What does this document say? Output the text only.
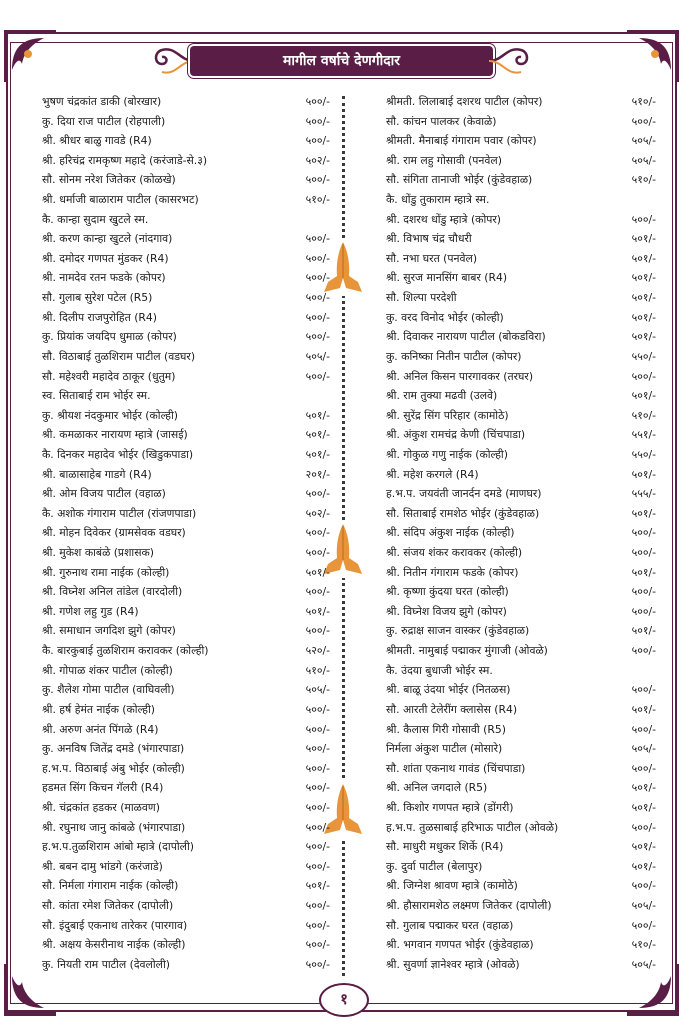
मागील वर्षाचे देणगीदार
भुषण चंद्रकांत डाकी (बोरखार)	५००/-
कु. दिया राज पाटील (रोहपाली)	५००/-
श्री. श्रीधर बाळु गावडे (R4)	५००/-
श्री. हरिचंद्र रामकृष्ण महादे (करंजाडे-से.३)	५०२/-
सौ. सोनम नरेश जितेकर (कोळखे)	५००/-
श्री. धर्माजी बाळाराम पाटील (कासरभट)	५१०/-
कै. कान्हा सुदाम खुटले स्म.
श्री. करण कान्हा खुटले (नांदगाव)	५००/-
श्री. दमोदर गणपत मुंडकर (R4)	५००/-
श्री. नामदेव रतन फडके (कोपर)	५००/-
सौ. गुलाब सुरेश पटेल (R5)	५००/-
श्री. दिलीप राजपुरोहित (R4)	५००/-
कु. प्रियांक जयदिप धुमाळ (कोपर)	५००/-
सौ. विठाबाई तुळशिराम पाटील (वडघर)	५०५/-
सौ. महेश्वरी महादेव ठाकूर (धुतुम)	५००/-
स्व. सिताबाई राम भोईर स्म.
कु. श्रीयश नंदकुमार भोईर (कोल्ही)	५०१/-
श्री. कमळाकर नारायण म्हात्रे (जासई)	५०१/-
कै. दिनकर महादेव भोईर (खिडुकपाडा)	५०१/-
श्री. बाळासाहेब गाडगे (R4)	२०१/-
श्री. ओम विजय पाटील (वहाळ)	५००/-
कै. अशोक गंगाराम पाटील (रांजणपाडा)	५०२/-
श्री. मोहन दिवेकर (ग्रामसेवक वडघर)	५००/-
श्री. मुकेश काबंळे (प्रशासक)	५००/-
श्री. गुरुनाथ रामा नाईक (कोल्ही)	५०१/-
श्री. विघ्नेश अनिल तांडेल (वारदोली)	५००/-
श्री. गणेश लहु गुड (R4)	५०१/-
श्री. समाधान जगदिश झुगे (कोपर)	५००/-
कै. बारकुबाई तुळशिराम करावकर (कोल्ही)	५२०/-
श्री. गोपाळ शंकर पाटील (कोल्ही)	५१०/-
कु. शैलेश गोमा पाटील (वाघिवली)	५०५/-
श्री. हर्ष हेमंत नाईक (कोल्ही)	५००/-
श्री. अरुण अनंत पिंगळे (R4)	५००/-
कु. अनविष जितेंद्र दमडे (भंगारपाडा)	५००/-
ह.भ.प. विठाबाई अंबु भोईर (कोल्ही)	५००/-
हडमत सिंग किचन गॅलरी (R4)	५००/-
श्री. चंद्रकांत हडकर (माळवण)	५००/-
श्री. रघुनाथ जानु कांबळे (भंगारपाडा)	५००/-
ह.भ.प.तुळशिराम आंबो म्हात्रे (दापोली)	५००/-
श्री. बबन दामु भांडगे (करंजाडे)	५००/-
सौ. निर्मला गंगाराम नाईक (कोल्ही)	५०१/-
सौ. कांता रमेश जितेकर (दापोली)	५००/-
सौ. इंदुबाई एकनाथ तारेकर (पारगाव)	५००/-
श्री. अक्षय केसरीनाथ नाईक (कोल्ही)	५००/-
कु. नियती राम पाटील (देवलोली)	५००/-
श्रीमती. लिलाबाई दशरथ पाटील (कोपर)	५१०/-
सौ. कांचन पालकर (केवाळे)	५००/-
श्रीमती. मैनाबाई गंगाराम पवार (कोपर)	५०५/-
श्री. राम लहु गोसावी (पनवेल)	५०५/-
सौ. संगिता तानाजी भोईर (कुंडेवहाळ)	५१०/-
कै. धोंडु तुकाराम म्हात्रे स्म.
श्री. दशरथ धोंडु म्हात्रे (कोपर)	५००/-
श्री. विभाष चंद्र चौधरी	५०१/-
सौ. नभा घरत (पनवेल)	५०१/-
श्री. सुरज मानसिंग बाबर (R4)	५०१/-
सौ. शिल्पा परदेशी	५०१/-
कु. वरद विनोद भोईर (कोल्ही)	५०१/-
श्री. दिवाकर नारायण पाटील (बोकडविरा)	५०१/-
कु. कनिष्का नितीन पाटील (कोपर)	५५०/-
श्री. अनिल किसन पारगावकर (तरघर)	५००/-
श्री. राम तुक्या मढवी (उलवे)	५०१/-
श्री. सुरेंद्र सिंग परिहार (कामोठे)	५१०/-
श्री. अंकुश रामचंद्र केणी (चिंचपाडा)	५५१/-
श्री. गोकुळ गणु नाईक (कोल्ही)	५५०/-
श्री. महेश करगले (R4)	५०१/-
ह.भ.प. जयवंती जानर्दन दमडे (माणघर)	५५५/-
सौ. सिताबाई रामशेठ भोईर (कुंडेवहाळ)	५०१/-
श्री. संदिप अंकुश नाईक (कोल्ही)	५००/-
श्री. संजय शंकर करावकर (कोल्ही)	५००/-
श्री. नितीन गंगाराम फडके (कोपर)	५०१/-
श्री. कृष्णा कुंदया घरत (कोल्ही)	५००/-
श्री. विघ्नेश विजय झुगे (कोपर)	५००/-
कु. रुद्राक्ष साजन वास्कर (कुंडेवहाळ)	५०१/-
श्रीमती. नामुबाई पद्माकर मुंगाजी (ओवळे)	५००/-
कै. उंदया बुधाजी भोईर स्म.
श्री. बाळू उंदया भोईर (नितळस)	५००/-
सौ. आरती टेलेरींग क्लासेस (R4)	५०१/-
श्री. कैलास गिरी गोसावी (R5)	५००/-
निर्मला अंकुश पाटील (मोसारे)	५०५/-
सौ. शांता एकनाथ गावंड (चिंचपाडा)	५००/-
श्री. अनिल जगदाले (R5)	५०१/-
श्री. किशोर गणपत म्हात्रे (डोंगरी)	५०१/-
ह.भ.प. तुळसाबाई हरिभाऊ पाटील (ओवळे)	५००/-
सौ. माधुरी मधुकर शिर्के (R4)	५०१/-
कु. दुर्वा पाटील (बेलापुर)	५०१/-
श्री. जिग्नेश श्रावण म्हात्रे (कामोठे)	५००/-
श्री. हौसारामशेठ लक्ष्मण जितेकर (दापोली)	५०५/-
सौ. गुलाब पद्माकर घरत (वहाळ)	५००/-
श्री. भगवान गणपत भोईर (कुंडेवहाळ)	५१०/-
श्री. सुवर्णा ज्ञानेश्वर म्हात्रे (ओवळे)	५०५/-
१
